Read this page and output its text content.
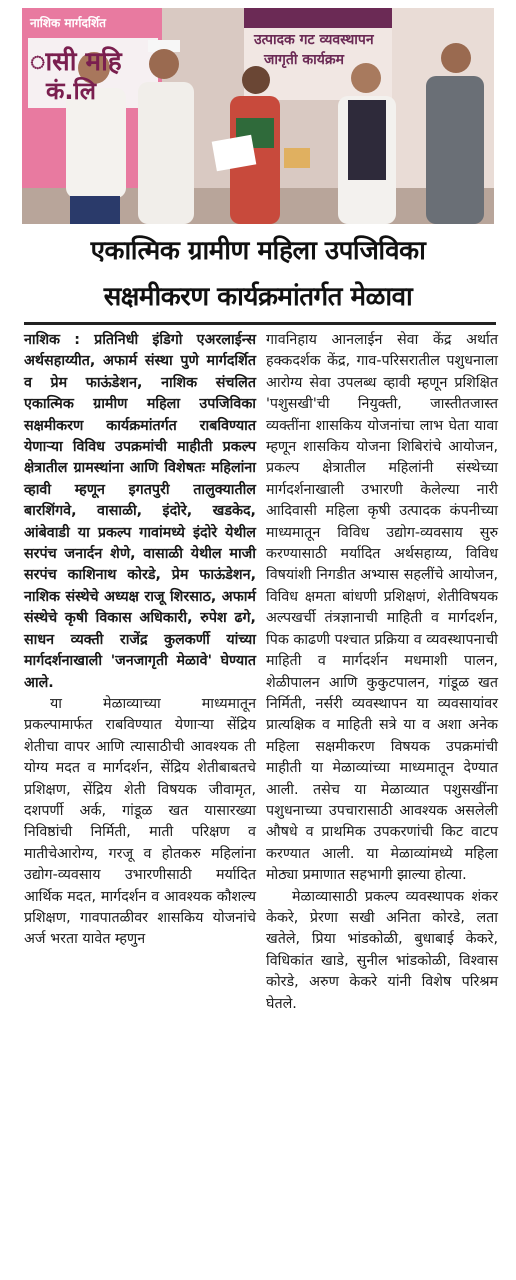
नाशिक मार्गदर्शित
ासी महि
कं.लि
उत्पादक गट व्यवस्थापन
जागृती कार्यक्रम
एकात्मिक ग्रामीण महिला उपजिविका
सक्षमीकरण कार्यक्रमांतर्गत मेळावा

नाशिक : प्रतिनिधी इंडिगो एअरलाईन्स अर्थसहाय्यीत, अफार्म संस्था पुणे मार्गदर्शित व प्रेम फाऊंडेशन, नाशिक संचलित एकात्मिक ग्रामीण महिला उपजिविका सक्षमीकरण कार्यक्रमांतर्गत राबविण्यात येणाऱ्या विविध उपक्रमांची माहीती प्रकल्प क्षेत्रातील ग्रामस्थांना आणि विशेषतः महिलांना व्हावी म्हणून इगतपुरी तालुक्यातील बारशिंगवे, वासाळी, इंदोरे, खडकेद, आंबेवाडी या प्रकल्प गावांमध्ये इंदोरे येथील सरपंच जनार्दन शेणे, वासाळी येथील माजी सरपंच काशिनाथ कोरडे, प्रेम फाऊंडेशन, नाशिक संस्थेचे अध्यक्ष राजू शिरसाठ, अफार्म संस्थेचे कृषी विकास अधिकारी, रुपेश ढगे, साधन व्यक्ती राजेंद्र कुलकर्णी यांच्या मार्गदर्शनाखाली 'जनजागृती मेळावे' घेण्यात आले.

या मेळाव्याच्या माध्यमातून प्रकल्पामार्फत राबविण्यात येणाऱ्या सेंद्रिय शेतीचा वापर आणि त्यासाठीची आवश्यक ती योग्य मदत व मार्गदर्शन, सेंद्रिय शेतीबाबतचे प्रशिक्षण, सेंद्रिय शेती विषयक जीवामृत, दशपर्णी अर्क, गांडूळ खत यासारख्या निविष्ठांची निर्मिती, माती परिक्षण व मातीचेआरोग्य, गरजू व होतकरु महिलांना उद्योग-व्यवसाय उभारणीसाठी मर्यादित आर्थिक मदत, मार्गदर्शन व आवश्यक कौशल्य प्रशिक्षण, गावपातळीवर शासकिय योजनांचे अर्ज भरता यावेत म्हणुन

गावनिहाय आनलाईन सेवा केंद्र अर्थात हक्कदर्शक केंद्र, गाव-परिसरातील पशुधनाला आरोग्य सेवा उपलब्ध व्हावी म्हणून प्रशिक्षित 'पशुसखी'ची नियुक्ती, जास्तीतजास्त व्यक्तींना शासकिय योजनांचा लाभ घेता यावा म्हणून शासकिय योजना शिबिरांचे आयोजन, प्रकल्प क्षेत्रातील महिलांनी संस्थेच्या मार्गदर्शनाखाली उभारणी केलेल्या नारी आदिवासी महिला कृषी उत्पादक कंपनीच्या माध्यमातून विविध उद्योग-व्यवसाय सुरु करण्यासाठी मर्यादित अर्थसहाय्य, विविध विषयांशी निगडीत अभ्यास सहलींचे आयोजन, विविध क्षमता बांधणी प्रशिक्षणं, शेतीविषयक अल्पखर्ची तंत्रज्ञानाची माहिती व मार्गदर्शन, पिक काढणी पश्चात प्रक्रिया व व्यवस्थापनाची माहिती व मार्गदर्शन मधमाशी पालन, शेळीपालन आणि कुकुटपालन, गांडूळ खत निर्मिती, नर्सरी व्यवस्थापन या व्यवसायांवर प्रात्यक्षिक व माहिती सत्रे या व अशा अनेक महिला सक्षमीकरण विषयक उपक्रमांची माहीती या मेळाव्यांच्या माध्यमातून देण्यात आली. तसेच या मेळाव्यात पशुसखींना पशुधनाच्या उपचारासाठी आवश्यक असलेली औषधे व प्राथमिक उपकरणांची किट वाटप करण्यात आली. या मेळाव्यांमध्ये महिला मोठ्या प्रमाणात सहभागी झाल्या होत्या.

मेळाव्यासाठी प्रकल्प व्यवस्थापक शंकर केकरे, प्रेरणा सखी अनिता कोरडे, लता खतेले, प्रिया भांडकोळी, बुधाबाई केकरे, विधिकांत खाडे, सुनील भांडकोळी, विश्वास कोरडे, अरुण केकरे यांनी विशेष परिश्रम घेतले.
